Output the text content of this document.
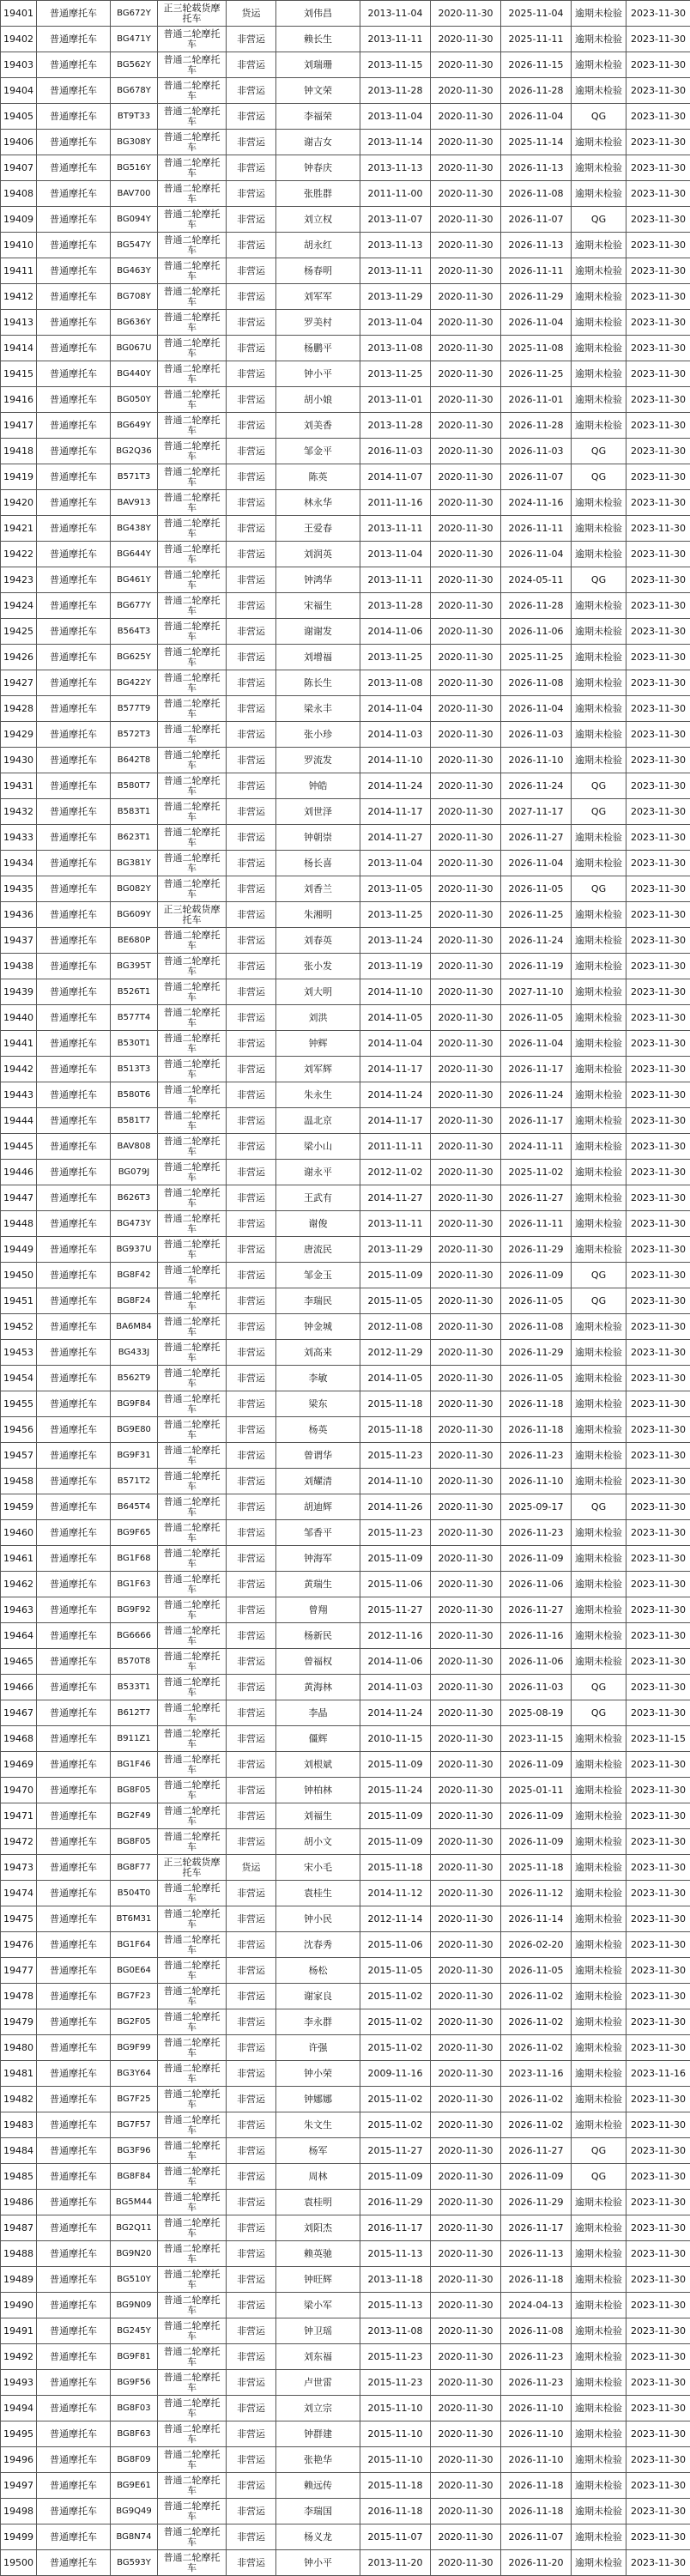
19401	普通摩托车	BG672Y	正三轮载货摩托车	货运	刘伟昌	2013-11-04	2020-11-30	2025-11-04	逾期未检验	2023-11-30
19402	普通摩托车	BG471Y	普通二轮摩托车	非营运	赖长生	2013-11-11	2020-11-30	2025-11-11	逾期未检验	2023-11-30
19403	普通摩托车	BG562Y	普通二轮摩托车	非营运	刘瑞珊	2013-11-15	2020-11-30	2026-11-15	逾期未检验	2023-11-30
19404	普通摩托车	BG678Y	普通二轮摩托车	非营运	钟文荣	2013-11-28	2020-11-30	2026-11-28	逾期未检验	2023-11-30
19405	普通摩托车	BT9T33	普通二轮摩托车	非营运	李福荣	2013-11-04	2020-11-30	2026-11-04	QG	2023-11-30
19406	普通摩托车	BG308Y	普通二轮摩托车	非营运	谢吉女	2013-11-14	2020-11-30	2025-11-14	逾期未检验	2023-11-30
19407	普通摩托车	BG516Y	普通二轮摩托车	非营运	钟春庆	2013-11-13	2020-11-30	2026-11-13	逾期未检验	2023-11-30
19408	普通摩托车	BAV700	普通二轮摩托车	非营运	张胜群	2011-11-00	2020-11-30	2026-11-08	逾期未检验	2023-11-30
19409	普通摩托车	BG094Y	普通二轮摩托车	非营运	刘立权	2013-11-07	2020-11-30	2026-11-07	QG	2023-11-30
19410	普通摩托车	BG547Y	普通二轮摩托车	非营运	胡永红	2013-11-13	2020-11-30	2026-11-13	逾期未检验	2023-11-30
19411	普通摩托车	BG463Y	普通二轮摩托车	非营运	杨春明	2013-11-11	2020-11-30	2026-11-11	逾期未检验	2023-11-30
19412	普通摩托车	BG708Y	普通二轮摩托车	非营运	刘军军	2013-11-29	2020-11-30	2026-11-29	逾期未检验	2023-11-30
19413	普通摩托车	BG636Y	普通二轮摩托车	非营运	罗美村	2013-11-04	2020-11-30	2026-11-04	逾期未检验	2023-11-30
19414	普通摩托车	BG067U	普通二轮摩托车	非营运	杨鹏平	2013-11-08	2020-11-30	2025-11-08	逾期未检验	2023-11-30
19415	普通摩托车	BG440Y	普通二轮摩托车	非营运	钟小平	2013-11-25	2020-11-30	2026-11-25	逾期未检验	2023-11-30
19416	普通摩托车	BG050Y	普通二轮摩托车	非营运	胡小娘	2013-11-01	2020-11-30	2026-11-01	逾期未检验	2023-11-30
19417	普通摩托车	BG649Y	普通二轮摩托车	非营运	刘美香	2013-11-28	2020-11-30	2026-11-28	逾期未检验	2023-11-30
19418	普通摩托车	BG2Q36	普通二轮摩托车	非营运	邹金平	2016-11-03	2020-11-30	2026-11-03	QG	2023-11-30
19419	普通摩托车	B571T3	普通二轮摩托车	非营运	陈英	2014-11-07	2020-11-30	2026-11-07	QG	2023-11-30
19420	普通摩托车	BAV913	普通二轮摩托车	非营运	林永华	2011-11-16	2020-11-30	2024-11-16	逾期未检验	2023-11-30
19421	普通摩托车	BG438Y	普通二轮摩托车	非营运	王爱春	2013-11-11	2020-11-30	2026-11-11	逾期未检验	2023-11-30
19422	普通摩托车	BG644Y	普通二轮摩托车	非营运	刘润英	2013-11-04	2020-11-30	2026-11-04	逾期未检验	2023-11-30
19423	普通摩托车	BG461Y	普通二轮摩托车	非营运	钟鸿华	2013-11-11	2020-11-30	2024-05-11	QG	2023-11-30
19424	普通摩托车	BG677Y	普通二轮摩托车	非营运	宋福生	2013-11-28	2020-11-30	2026-11-28	逾期未检验	2023-11-30
19425	普通摩托车	B564T3	普通二轮摩托车	非营运	谢谢发	2014-11-06	2020-11-30	2026-11-06	逾期未检验	2023-11-30
19426	普通摩托车	BG625Y	普通二轮摩托车	非营运	刘增福	2013-11-25	2020-11-30	2025-11-25	逾期未检验	2023-11-30
19427	普通摩托车	BG422Y	普通二轮摩托车	非营运	陈长生	2013-11-08	2020-11-30	2026-11-08	逾期未检验	2023-11-30
19428	普通摩托车	B577T9	普通二轮摩托车	非营运	梁永丰	2014-11-04	2020-11-30	2026-11-04	逾期未检验	2023-11-30
19429	普通摩托车	B572T3	普通二轮摩托车	非营运	张小珍	2014-11-03	2020-11-30	2026-11-03	逾期未检验	2023-11-30
19430	普通摩托车	B642T8	普通二轮摩托车	非营运	罗流发	2014-11-10	2020-11-30	2026-11-10	逾期未检验	2023-11-30
19431	普通摩托车	B580T7	普通二轮摩托车	非营运	钟皓	2014-11-24	2020-11-30	2026-11-24	QG	2023-11-30
19432	普通摩托车	B583T1	普通二轮摩托车	非营运	刘世泽	2014-11-17	2020-11-30	2027-11-17	QG	2023-11-30
19433	普通摩托车	B623T1	普通二轮摩托车	非营运	钟朝崇	2014-11-27	2020-11-30	2026-11-27	逾期未检验	2023-11-30
19434	普通摩托车	BG381Y	普通二轮摩托车	非营运	杨长喜	2013-11-04	2020-11-30	2026-11-04	逾期未检验	2023-11-30
19435	普通摩托车	BG082Y	普通二轮摩托车	非营运	刘香兰	2013-11-05	2020-11-30	2026-11-05	QG	2023-11-30
19436	普通摩托车	BG609Y	正三轮载货摩托车	非营运	朱湘明	2013-11-25	2020-11-30	2026-11-25	逾期未检验	2023-11-30
19437	普通摩托车	BE680P	普通二轮摩托车	非营运	刘春英	2013-11-24	2020-11-30	2026-11-24	逾期未检验	2023-11-30
19438	普通摩托车	BG395T	普通二轮摩托车	非营运	张小发	2013-11-19	2020-11-30	2026-11-19	逾期未检验	2023-11-30
19439	普通摩托车	B526T1	普通二轮摩托车	非营运	刘大明	2014-11-10	2020-11-30	2027-11-10	逾期未检验	2023-11-30
19440	普通摩托车	B577T4	普通二轮摩托车	非营运	刘洪	2014-11-05	2020-11-30	2026-11-05	逾期未检验	2023-11-30
19441	普通摩托车	B530T1	普通二轮摩托车	非营运	钟辉	2014-11-04	2020-11-30	2026-11-04	逾期未检验	2023-11-30
19442	普通摩托车	B513T3	普通二轮摩托车	非营运	刘军辉	2014-11-17	2020-11-30	2026-11-17	逾期未检验	2023-11-30
19443	普通摩托车	B580T6	普通二轮摩托车	非营运	朱永生	2014-11-24	2020-11-30	2026-11-24	逾期未检验	2023-11-30
19444	普通摩托车	B581T7	普通二轮摩托车	非营运	温北京	2014-11-17	2020-11-30	2026-11-17	逾期未检验	2023-11-30
19445	普通摩托车	BAV808	普通二轮摩托车	非营运	梁小山	2011-11-11	2020-11-30	2024-11-11	逾期未检验	2023-11-30
19446	普通摩托车	BG079J	普通二轮摩托车	非营运	谢永平	2012-11-02	2020-11-30	2025-11-02	逾期未检验	2023-11-30
19447	普通摩托车	B626T3	普通二轮摩托车	非营运	王武有	2014-11-27	2020-11-30	2026-11-27	逾期未检验	2023-11-30
19448	普通摩托车	BG473Y	普通二轮摩托车	非营运	谢俊	2013-11-11	2020-11-30	2026-11-11	逾期未检验	2023-11-30
19449	普通摩托车	BG937U	普通二轮摩托车	非营运	唐流民	2013-11-29	2020-11-30	2026-11-29	逾期未检验	2023-11-30
19450	普通摩托车	BG8F42	普通二轮摩托车	非营运	邹金玉	2015-11-09	2020-11-30	2026-11-09	QG	2023-11-30
19451	普通摩托车	BG8F24	普通二轮摩托车	非营运	李瑞民	2015-11-05	2020-11-30	2026-11-05	QG	2023-11-30
19452	普通摩托车	BA6M84	普通二轮摩托车	非营运	钟金城	2012-11-08	2020-11-30	2026-11-08	逾期未检验	2023-11-30
19453	普通摩托车	BG433J	普通二轮摩托车	非营运	刘高来	2012-11-29	2020-11-30	2026-11-29	逾期未检验	2023-11-30
19454	普通摩托车	B562T9	普通二轮摩托车	非营运	李敏	2014-11-05	2020-11-30	2026-11-05	逾期未检验	2023-11-30
19455	普通摩托车	BG9F84	普通二轮摩托车	非营运	梁东	2015-11-18	2020-11-30	2026-11-18	逾期未检验	2023-11-30
19456	普通摩托车	BG9E80	普通二轮摩托车	非营运	杨英	2015-11-18	2020-11-30	2026-11-18	逾期未检验	2023-11-30
19457	普通摩托车	BG9F31	普通二轮摩托车	非营运	曾谓华	2015-11-23	2020-11-30	2026-11-23	逾期未检验	2023-11-30
19458	普通摩托车	B571T2	普通二轮摩托车	非营运	刘耀清	2014-11-10	2020-11-30	2026-11-10	逾期未检验	2023-11-30
19459	普通摩托车	B645T4	普通二轮摩托车	非营运	胡迪辉	2014-11-26	2020-11-30	2025-09-17	QG	2023-11-30
19460	普通摩托车	BG9F65	普通二轮摩托车	非营运	邹香平	2015-11-23	2020-11-30	2026-11-23	逾期未检验	2023-11-30
19461	普通摩托车	BG1F68	普通二轮摩托车	非营运	钟海军	2015-11-09	2020-11-30	2026-11-09	逾期未检验	2023-11-30
19462	普通摩托车	BG1F63	普通二轮摩托车	非营运	黄瑞生	2015-11-06	2020-11-30	2026-11-06	逾期未检验	2023-11-30
19463	普通摩托车	BG9F92	普通二轮摩托车	非营运	曾翔	2015-11-27	2020-11-30	2026-11-27	逾期未检验	2023-11-30
19464	普通摩托车	BG6666	普通二轮摩托车	非营运	杨新民	2012-11-16	2020-11-30	2026-11-16	逾期未检验	2023-11-30
19465	普通摩托车	B570T8	普通二轮摩托车	非营运	曾福权	2014-11-06	2020-11-30	2026-11-06	逾期未检验	2023-11-30
19466	普通摩托车	B533T1	普通二轮摩托车	非营运	黄海林	2014-11-03	2020-11-30	2026-11-03	QG	2023-11-30
19467	普通摩托车	B612T7	普通二轮摩托车	非营运	李晶	2014-11-24	2020-11-30	2025-08-19	QG	2023-11-30
19468	普通摩托车	B911Z1	普通二轮摩托车	非营运	僵辉	2010-11-15	2020-11-30	2023-11-15	逾期未检验	2023-11-15
19469	普通摩托车	BG1F46	普通二轮摩托车	非营运	刘根斌	2015-11-09	2020-11-30	2026-11-09	逾期未检验	2023-11-30
19470	普通摩托车	BG8F05	普通二轮摩托车	非营运	钟柏林	2015-11-24	2020-11-30	2025-01-11	逾期未检验	2023-11-30
19471	普通摩托车	BG2F49	普通二轮摩托车	非营运	刘福生	2015-11-09	2020-11-30	2026-11-09	逾期未检验	2023-11-30
19472	普通摩托车	BG8F05	普通二轮摩托车	非营运	胡小文	2015-11-09	2020-11-30	2026-11-09	逾期未检验	2023-11-30
19473	普通摩托车	BG8F77	正三轮载货摩托车	货运	宋小毛	2015-11-18	2020-11-30	2025-11-18	逾期未检验	2023-11-30
19474	普通摩托车	B504T0	普通二轮摩托车	非营运	袁桂生	2014-11-12	2020-11-30	2026-11-12	逾期未检验	2023-11-30
19475	普通摩托车	BT6M31	普通二轮摩托车	非营运	钟小民	2012-11-14	2020-11-30	2026-11-14	逾期未检验	2023-11-30
19476	普通摩托车	BG1F64	普通二轮摩托车	非营运	沈春秀	2015-11-06	2020-11-30	2026-02-20	逾期未检验	2023-11-30
19477	普通摩托车	BG0E64	普通二轮摩托车	非营运	杨松	2015-11-05	2020-11-30	2026-11-05	逾期未检验	2023-11-30
19478	普通摩托车	BG7F23	普通二轮摩托车	非营运	谢家良	2015-11-02	2020-11-30	2026-11-02	逾期未检验	2023-11-30
19479	普通摩托车	BG2F05	普通二轮摩托车	非营运	李永群	2015-11-02	2020-11-30	2026-11-02	逾期未检验	2023-11-30
19480	普通摩托车	BG9F99	普通二轮摩托车	非营运	许强	2015-11-02	2020-11-30	2026-11-02	逾期未检验	2023-11-30
19481	普通摩托车	BG3Y64	普通二轮摩托车	非营运	钟小荣	2009-11-16	2020-11-30	2023-11-16	逾期未检验	2023-11-16
19482	普通摩托车	BG7F25	普通二轮摩托车	非营运	钟娜娜	2015-11-02	2020-11-30	2026-11-02	逾期未检验	2023-11-30
19483	普通摩托车	BG7F57	普通二轮摩托车	非营运	朱文生	2015-11-02	2020-11-30	2026-11-02	逾期未检验	2023-11-30
19484	普通摩托车	BG3F96	普通二轮摩托车	非营运	杨军	2015-11-27	2020-11-30	2026-11-27	QG	2023-11-30
19485	普通摩托车	BG8F84	普通二轮摩托车	非营运	周林	2015-11-09	2020-11-30	2026-11-09	QG	2023-11-30
19486	普通摩托车	BG5M44	普通二轮摩托车	非营运	袁桂明	2016-11-29	2020-11-30	2026-11-29	逾期未检验	2023-11-30
19487	普通摩托车	BG2Q11	普通二轮摩托车	非营运	刘阳杰	2016-11-17	2020-11-30	2026-11-17	逾期未检验	2023-11-30
19488	普通摩托车	BG9N20	普通二轮摩托车	非营运	赖英驰	2015-11-13	2020-11-30	2026-11-13	逾期未检验	2023-11-30
19489	普通摩托车	BG510Y	普通二轮摩托车	非营运	钟旺辉	2013-11-18	2020-11-30	2026-11-18	逾期未检验	2023-11-30
19490	普通摩托车	BG9N09	普通二轮摩托车	非营运	梁小军	2015-11-13	2020-11-30	2024-04-13	逾期未检验	2023-11-30
19491	普通摩托车	BG245Y	普通二轮摩托车	非营运	钟卫瑶	2013-11-08	2020-11-30	2026-11-08	逾期未检验	2023-11-30
19492	普通摩托车	BG9F81	普通二轮摩托车	非营运	刘东福	2015-11-23	2020-11-30	2026-11-23	逾期未检验	2023-11-30
19493	普通摩托车	BG9F56	普通二轮摩托车	非营运	卢世雷	2015-11-23	2020-11-30	2026-11-23	逾期未检验	2023-11-30
19494	普通摩托车	BG8F03	普通二轮摩托车	非营运	刘立宗	2015-11-10	2020-11-30	2026-11-10	逾期未检验	2023-11-30
19495	普通摩托车	BG8F63	普通二轮摩托车	非营运	钟群建	2015-11-10	2020-11-30	2026-11-10	逾期未检验	2023-11-30
19496	普通摩托车	BG8F09	普通二轮摩托车	非营运	张艳华	2015-11-10	2020-11-30	2026-11-10	逾期未检验	2023-11-30
19497	普通摩托车	BG9E61	普通二轮摩托车	非营运	赖远传	2015-11-18	2020-11-30	2026-11-18	逾期未检验	2023-11-30
19498	普通摩托车	BG9Q49	普通二轮摩托车	非营运	李瑞国	2016-11-18	2020-11-30	2026-11-18	逾期未检验	2023-11-30
19499	普通摩托车	BG8N74	普通二轮摩托车	非营运	杨义龙	2015-11-07	2020-11-30	2026-11-07	逾期未检验	2023-11-30
19500	普通摩托车	BG593Y	普通二轮摩托车	非营运	钟小平	2013-11-20	2020-11-30	2026-11-20	逾期未检验	2023-11-30
